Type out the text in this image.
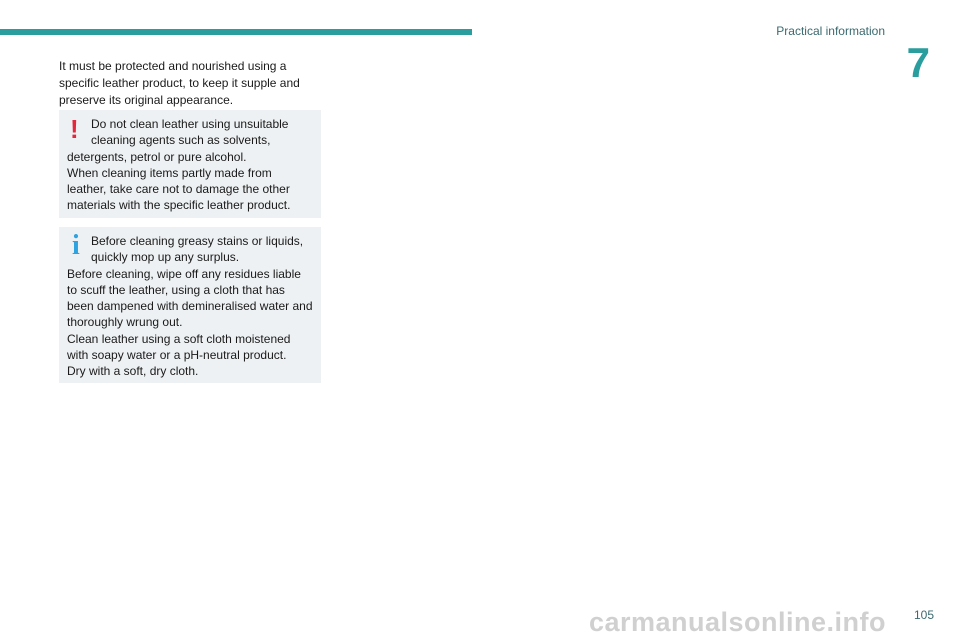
Practical information
7

It must be protected and nourished using a specific leather product, to keep it supple and preserve its original appearance.

!	Do not clean leather using unsuitable cleaning agents such as solvents,

detergents, petrol or pure alcohol.

When cleaning items partly made from leather, take care not to damage the other materials with the specific leather product.

i Before cleaning greasy stains or liquids, quickly mop up any surplus.

Before cleaning, wipe off any residues liable to scuff the leather, using a cloth that has been dampened with demineralised water and thoroughly wrung out.

Clean leather using a soft cloth moistened with soapy water or a pH-neutral product.

Dry with a soft, dry cloth.

105
carmanualsonline.info
